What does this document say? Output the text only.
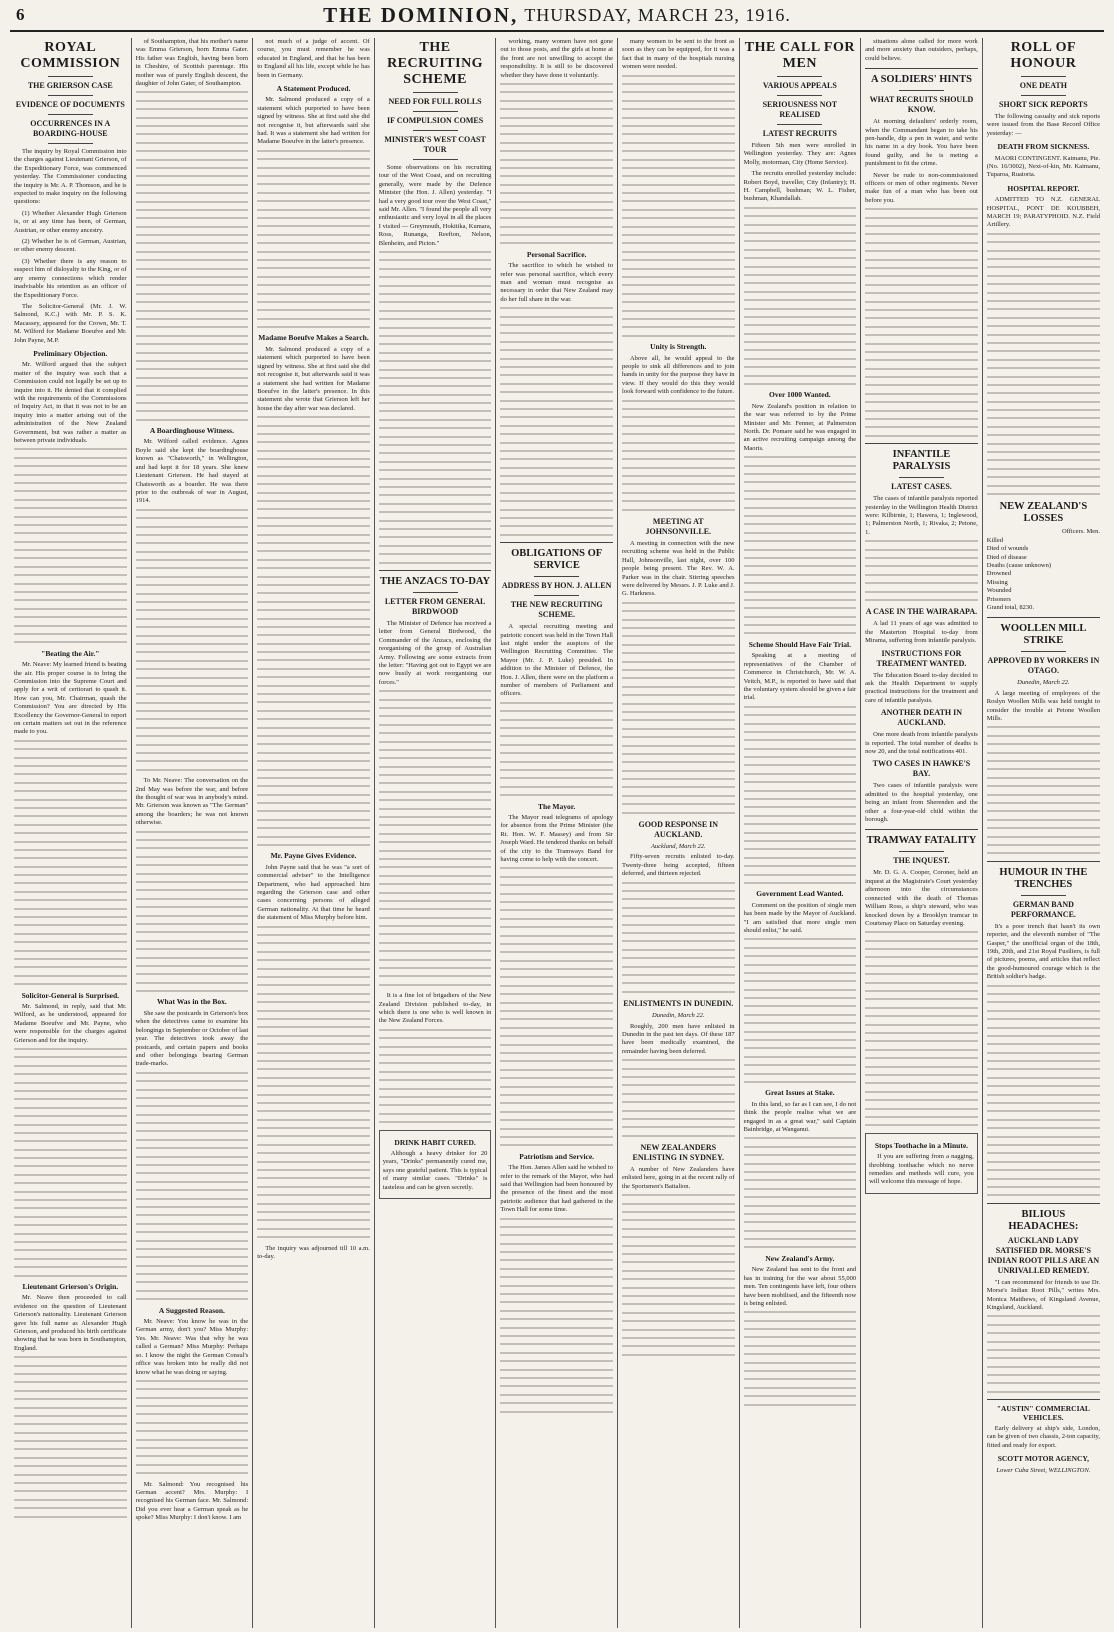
6	THE DOMINION, THURSDAY, MARCH 23, 1916.
ROYAL COMMISSION
THE GRIERSON CASE
EVIDENCE OF DOCUMENTS
OCCURRENCES IN A BOARDING-HOUSE

The inquiry by Royal Commission into the charges against Lieutenant Grierson, of the Expeditionary Force, was commenced yesterday. The Commissioner conducting the inquiry is Mr. A. P. Thomson, and he is expected to make inquiry on the following questions:

(1) Whether Alexander Hugh Grierson is, or at any time has been, of German, Austrian, or other enemy ancestry.

(2) Whether he is of German, Austrian, or other enemy descent.

(3) Whether there is any reason to suspect him of disloyalty to the King, or of any enemy connections which render inadvisable his retention as an officer of the Expeditionary Force.

The Solicitor-General (Mr. J. W. Salmond, K.C.) with Mr. P. S. K. Macassey, appeared for the Crown, Mr. T. M. Wilford for Madame Boeufve and Mr. John Payne, M.P.

Preliminary Objection.

Mr. Wilford argued that the subject matter of the inquiry was such that a Commission could not legally be set up to inquire into it. He denied that it complied with the requirements of the Commissions of Inquiry Act, in that it was not to be an inquiry into a matter arising out of the administration of the New Zealand Government, but was rather a matter as between private individuals.

"Beating the Air."

Mr. Neave: My learned friend is beating the air. His proper course is to bring the Commission into the Supreme Court and apply for a writ of certiorari to quash it. How can you, Mr. Chairman, quash the Commission? You are directed by His Excellency the Governor-General to report on certain matters set out in the reference made to you.

Solicitor-General is Surprised.

Mr. Salmond, in reply, said that Mr. Wilford, as he understood, appeared for Madame Boeufve and Mr. Payne, who were responsible for the charges against Grierson and for the inquiry.

Lieutenant Grierson's Origin.

Mr. Neave then proceeded to call evidence on the question of Lieutenant Grierson's nationality. Lieutenant Grierson gave his full name as Alexander Hugh Grierson, and produced his birth certificate showing that he was born in Southampton, England.

of Southampton, that his mother's name was Emma Grierson, born Emma Gater. His father was English, having been born in Cheshire, of Scottish parentage. His mother was of purely English descent, the daughter of John Gater, of Southampton.

A Boardinghouse Witness.

Mr. Wilford called evidence. Agnes Boyle said she kept the boardinghouse known as "Chatsworth," in Wellington, and had kept it for 18 years. She knew Lieutenant Grierson. He had stayed at Chatsworth as a boarder. He was there prior to the outbreak of war in August, 1914.

To Mr. Neave: The conversation on the 2nd May was before the war, and before the thought of war was in anybody's mind. Mr. Grierson was known as "The German" among the boarders; he was not known otherwise.

What Was in the Box.

She saw the postcards in Grierson's box when the detectives came to examine his belongings in September or October of last year. The detectives took away the postcards, and certain papers and books and other belongings bearing German trade-marks.

A Suggested Reason.

Mr. Neave: You know he was in the German army, don't you? Miss Murphy: Yes. Mr. Neave: Was that why he was called a German? Miss Murphy: Perhaps so. I know the night the German Consul's office was broken into he really did not know what he was doing or saying.

Mr. Salmond: You recognised his German accent? Mrs. Murphy: I recognised his German face. Mr. Salmond: Did you ever hear a German speak as he spoke? Miss Murphy: I don't know. I am

not much of a judge of accent. Of course, you must remember he was educated in England, and that he has been to England all his life, except while he has been in Germany.

A Statement Produced.

Mr. Salmond produced a copy of a statement which purported to have been signed by witness. She at first said she did not recognise it, but afterwards said she had. It was a statement she had written for Madame Boeufve in the latter's presence.

Madame Boeufve Makes a Search.

Mr. Salmond produced a copy of a statement which purported to have been signed by witness. She at first said she did not recognise it, but afterwards said it was a statement she had written for Madame Boeufve in the latter's presence. In this statement she wrote that Grierson left her house the day after war was declared.

Mr. Payne Gives Evidence.

John Payne said that he was "a sort of commercial adviser" to the Intelligence Department, who had approached him regarding the Grierson case and other cases concerning persons of alleged German nationality. At that time he heard the statement of Miss Murphy before him.

The inquiry was adjourned till 10 a.m. to-day.

THE RECRUITING SCHEME
NEED FOR FULL ROLLS
IF COMPULSION COMES
MINISTER'S WEST COAST TOUR

Some observations on his recruiting tour of the West Coast, and on recruiting generally, were made by the Defence Minister (the Hon. J. Allen) yesterday. "I had a very good tour over the West Coast," said Mr. Allen. "I found the people all very enthusiastic and very loyal in all the places I visited — Greymouth, Hokitika, Kumara, Ross, Runanga, Reefton, Nelson, Blenheim, and Picton."

THE ANZACS TO-DAY
LETTER FROM GENERAL BIRDWOOD

The Minister of Defence has received a letter from General Birdwood, the Commander of the Anzacs, enclosing the reorganising of the group of Australian Army. Following are some extracts from the letter: "Having got out to Egypt we are now busily at work reorganising our forces."

It is a fine lot of brigadiers of the New Zealand Division published to-day, in which there is one who is well known in the New Zealand Forces.

DRINK HABIT CURED.

Although a heavy drinker for 20 years, "Drinks" permanently cured me, says one grateful patient. This is typical of many similar cases. "Drinks" is tasteless and can be given secretly.

working, many women have not gone out to those posts, and the girls at home at the front are not unwilling to accept the responsibility. It is still to be discovered whether they have done it voluntarily.

Personal Sacrifice.

The sacrifice to which he wished to refer was personal sacrifice, which every man and woman must recognise as necessary in order that New Zealand may do her full share in the war.

OBLIGATIONS OF SERVICE
ADDRESS BY HON. J. ALLEN
THE NEW RECRUITING SCHEME.

A special recruiting meeting and patriotic concert was held in the Town Hall last night under the auspices of the Wellington Recruiting Committee. The Mayor (Mr. J. P. Luke) presided. In addition to the Minister of Defence, the Hon. J. Allen, there were on the platform a number of members of Parliament and officers.

The Mayor.

The Mayor read telegrams of apology for absence from the Prime Minister (the Rt. Hon. W. F. Massey) and from Sir Joseph Ward. He tendered thanks on behalf of the city to the Tramways Band for having come to help with the concert.

Patriotism and Service.

The Hon. James Allen said he wished to refer to the remark of the Mayor, who had said that Wellington had been honoured by the presence of the finest and the most patriotic audience that had gathered in the Town Hall for some time.

many women to be sent to the front as soon as they can be equipped, for it was a fact that in many of the hospitals nursing women were needed.

Unity is Strength.

Above all, he would appeal to the people to sink all differences and to join hands in unity for the purpose they have in view. If they would do this they would look forward with confidence to the future.

MEETING AT JOHNSONVILLE.

A meeting in connection with the new recruiting scheme was held in the Public Hall, Johnsonville, last night, over 100 people being present. The Rev. W. A. Parker was in the chair. Stirring speeches were delivered by Messrs. J. P. Luke and J. G. Harkness.

GOOD RESPONSE IN AUCKLAND.
Auckland, March 22.

Fifty-seven recruits enlisted to-day. Twenty-three being accepted, fifteen deferred, and thirteen rejected.

ENLISTMENTS IN DUNEDIN.
Dunedin, March 22.

Roughly, 200 men have enlisted in Dunedin in the past ten days. Of these 187 have been medically examined, the remainder having been deferred.

NEW ZEALANDERS ENLISTING IN SYDNEY.

A number of New Zealanders have enlisted here, going in at the recent rally of the Sportsmen's Battalion.

THE CALL FOR MEN
VARIOUS APPEALS
SERIOUSNESS NOT REALISED
LATEST RECRUITS

Fifteen 5th men were enrolled in Wellington yesterday. They are: Agnes Molly, motorman, City (Home Service).

The recruits enrolled yesterday include: Robert Boyd, traveller, City (Infantry); H. H. Campbell, bushman; W. L. Fisher, bushman, Khandallah.

Over 1000 Wanted.

New Zealand's position in relation to the war was referred to by the Prime Minister and Mr. Fenner, at Palmerston North. Dr. Pomare said he was engaged in an active recruiting campaign among the Maoris.

Scheme Should Have Fair Trial.

Speaking at a meeting of representatives of the Chamber of Commerce in Christchurch, Mr. W. A. Veitch, M.P., is reported to have said that the voluntary system should be given a fair trial.

Government Lead Wanted.

Comment on the position of single men has been made by the Mayor of Auckland. "I am satisfied that more single men should enlist," he said.

Great Issues at Stake.

In this land, so far as I can see, I do not think the people realise what we are engaged in as a great war," said Captain Bainbridge, at Wanganui.

New Zealand's Army.

New Zealand has sent to the front and has in training for the war about 55,000 men. Ten contingents have left, four others have been mobilised, and the fifteenth now is being enlisted.

situations alone called for more work and more anxiety than outsiders, perhaps, could believe.

A SOLDIERS' HINTS
WHAT RECRUITS SHOULD KNOW.

At morning defaulters' orderly room, when the Commandant began to take his pen-handle, dip a pen in water, and write his name in a dry book. You have been found guilty, and he is meting a punishment to fit the crime.

Never be rude to non-commissioned officers or men of other regiments. Never make fun of a man who has been out before you.

INFANTILE PARALYSIS
LATEST CASES.

The cases of infantile paralysis reported yesterday in the Wellington Health District were: Kilbirnie, 1; Hawera, 1; Inglewood, 1; Palmerston North, 1; Rivaka, 2; Petone, 1.

A CASE IN THE WAIRARAPA.

A lad 11 years of age was admitted to the Masterton Hospital to-day from Mirama, suffering from infantile paralysis.

INSTRUCTIONS FOR TREATMENT WANTED.

The Education Board to-day decided to ask the Health Department to supply practical instructions for the treatment and care of infantile paralysis.

ANOTHER DEATH IN AUCKLAND.

One more death from infantile paralysis is reported. The total number of deaths is now 20, and the total notifications 401.

TWO CASES IN HAWKE'S BAY.

Two cases of infantile paralysis were admitted to the hospital yesterday, one being an infant from Sherenden and the other a four-year-old child within the borough.

TRAMWAY FATALITY
THE INQUEST.

Mr. D. G. A. Cooper, Coroner, held an inquest at the Magistrate's Court yesterday afternoon into the circumstances connected with the death of Thomas William Ross, a ship's steward, who was knocked down by a Brooklyn tramcar in Courtenay Place on Saturday evening.

Stops Toothache in a Minute.

If you are suffering from a nagging, throbbing toothache which no nerve remedies and methods will cure, you will welcome this message of hope.

ROLL OF HONOUR
ONE DEATH
SHORT SICK REPORTS

The following casualty and sick reports were issued from the Base Record Office yesterday: —

DEATH FROM SICKNESS.

MAORI CONTINGENT. Kaimanu, Pte. (No. 16/3002), Next-of-kin, Mr. Kaimanu, Tuparoa, Ruatoria.

HOSPITAL REPORT.

ADMITTED TO N.Z. GENERAL HOSPITAL, PONT DE KOUBBEH, MARCH 19; PARATYPHOID. N.Z. Field Artillery.

NEW ZEALAND'S LOSSES
Officers. Men.
Killed
Died of wounds
Died of disease
Deaths (cause unknown)
Drowned
Missing
Wounded
Prisoners
Grand total, 8230.
WOOLLEN MILL STRIKE
APPROVED BY WORKERS IN OTAGO.
Dunedin, March 22.

A large meeting of employees of the Roslyn Woollen Mills was held tonight to consider the trouble at Petone Woollen Mills.

HUMOUR IN THE TRENCHES
GERMAN BAND PERFORMANCE.

It's a poor trench that hasn't its own reporter, and the eleventh number of "The Gasper," the unofficial organ of the 18th, 19th, 20th, and 21st Royal Fusiliers, is full of pictures, poems, and articles that reflect the good-humoured courage which is the British soldier's badge.

BILIOUS HEADACHES:
AUCKLAND LADY SATISFIED DR. MORSE'S INDIAN ROOT PILLS ARE AN UNRIVALLED REMEDY.

"I can recommend for friends to use Dr. Morse's Indian Root Pills," writes Mrs. Monica Matthews, of Kingsland Avenue, Kingsland, Auckland.

"AUSTIN" COMMERCIAL VEHICLES.

Early delivery at ship's side, London, can be given of two chassis, 2-ton capacity, fitted and ready for export.

SCOTT MOTOR AGENCY,
Lower Cuba Street, WELLINGTON.
